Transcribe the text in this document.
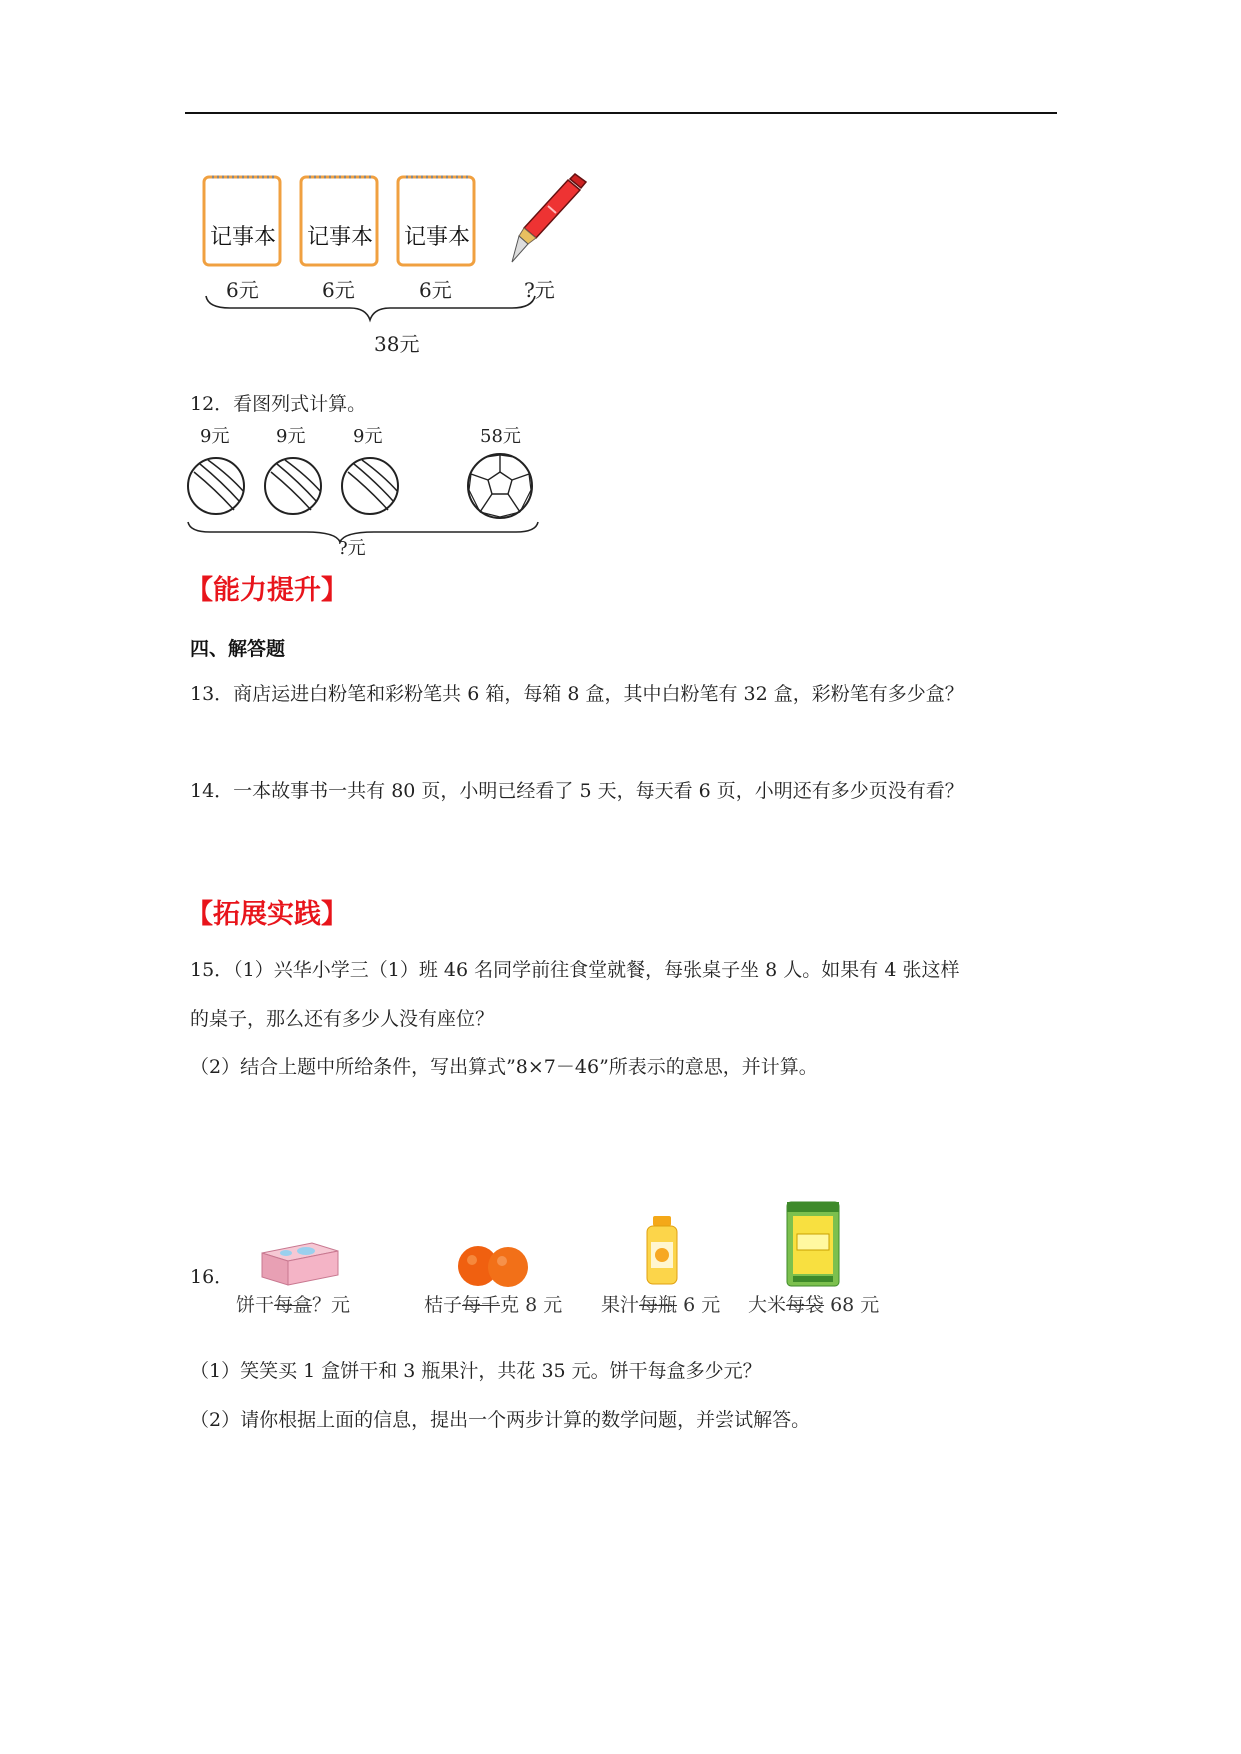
记事本 记事本 记事本
6元	6元	6元	?元
38元
12．看图列式计算。
9元	9元	9元	58元
?元
【能力提升】
四、解答题
13．商店运进白粉笔和彩粉笔共 6 箱，每箱 8 盒，其中白粉笔有 32 盒，彩粉笔有多少盒？
14．一本故事书一共有 80 页，小明已经看了 5 天，每天看 6 页，小明还有多少页没有看？
【拓展实践】
15．（1）兴华小学三（1）班 46 名同学前往食堂就餐，每张桌子坐 8 人。如果有 4 张这样
的桌子，那么还有多少人没有座位？
（2）结合上题中所给条件，写出算式”8×7－46”所表示的意思，并计算。
16．
饼干每盒？元	桔子每千克 8 元 果汁每瓶 6 元 大米每袋 68 元
（1）笑笑买 1 盒饼干和 3 瓶果汁，共花 35 元。饼干每盒多少元？
（2）请你根据上面的信息，提出一个两步计算的数学问题，并尝试解答。
